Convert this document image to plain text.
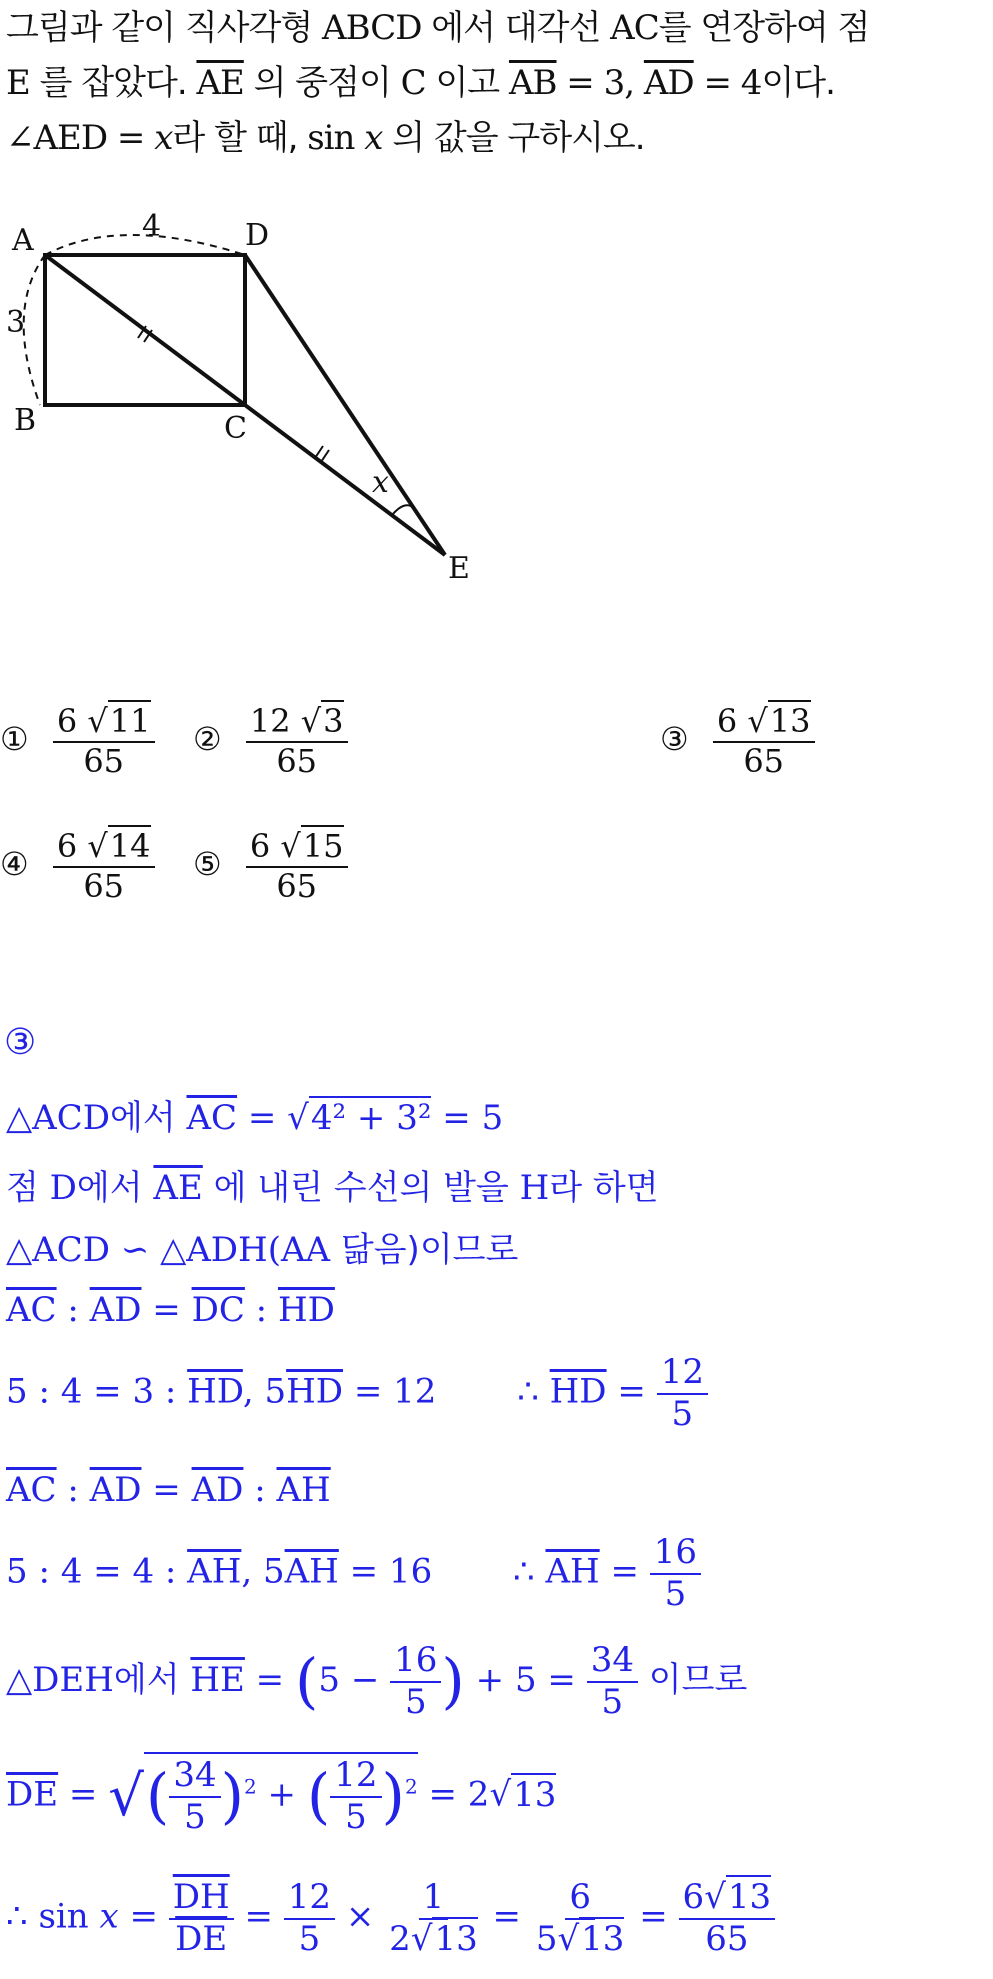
그림과 같이 직사각형 ABCD 에서 대각선 AC를 연장하여 점
E 를 잡았다. $\overline{AE}$ 의 중점이 C 이고 $\overline{AB} = 3$, $\overline{AD} = 4$이다.
∠AED = x라 할 때, sin x 의 값을 구하시오.
A	D
B	C
E
4
3
x
① $\frac{6 √11}{65}$ ② $\frac{12 √3}{65}$	③ $\frac{6 √13}{65}$
④ $\frac{6 √14}{65}$ ⑤ $\frac{6 √15}{65}$
③
△ACD에서 $\overline{AC} = √4^2 + 3^2 = 5$
점 D에서 $\overline{AE}$ 에 내린 수선의 발을 H라 하면
△ACD ∽ △ADH(AA 닮음)이므로
$\overline{AC}$ : $\overline{AD} = \overline{DC}$ : $\overline{HD}$
5 : 4 = 3 : $\overline{HD}$, $5\overline{HD} = 12$ ∴ $\overline{HD} = \frac{12}{5}$
$\overline{AC}$ : $\overline{AD} = \overline{AD}$ : $\overline{AH}$
5 : 4 = 4 : $\overline{AH}$, $5\overline{AH} = 16$ ∴ $\overline{AH} = \frac{16}{5}$
△DEH에서 $\overline{HE} = (5 - \frac{16}{5}$ ) + $5 = \frac{34}{5}$ 이므로
$\overline{DE}$ = √( $\frac{34}{5} )^2$ + ( $\frac{12}{5} )^2 = 2√13$
∴ $\sin x = \frac{\overline{DH}}{DE} = \frac{12}{5} \times \frac{1}{2√13} = \frac{6}{5√13} = \frac{6√13}{65}$
